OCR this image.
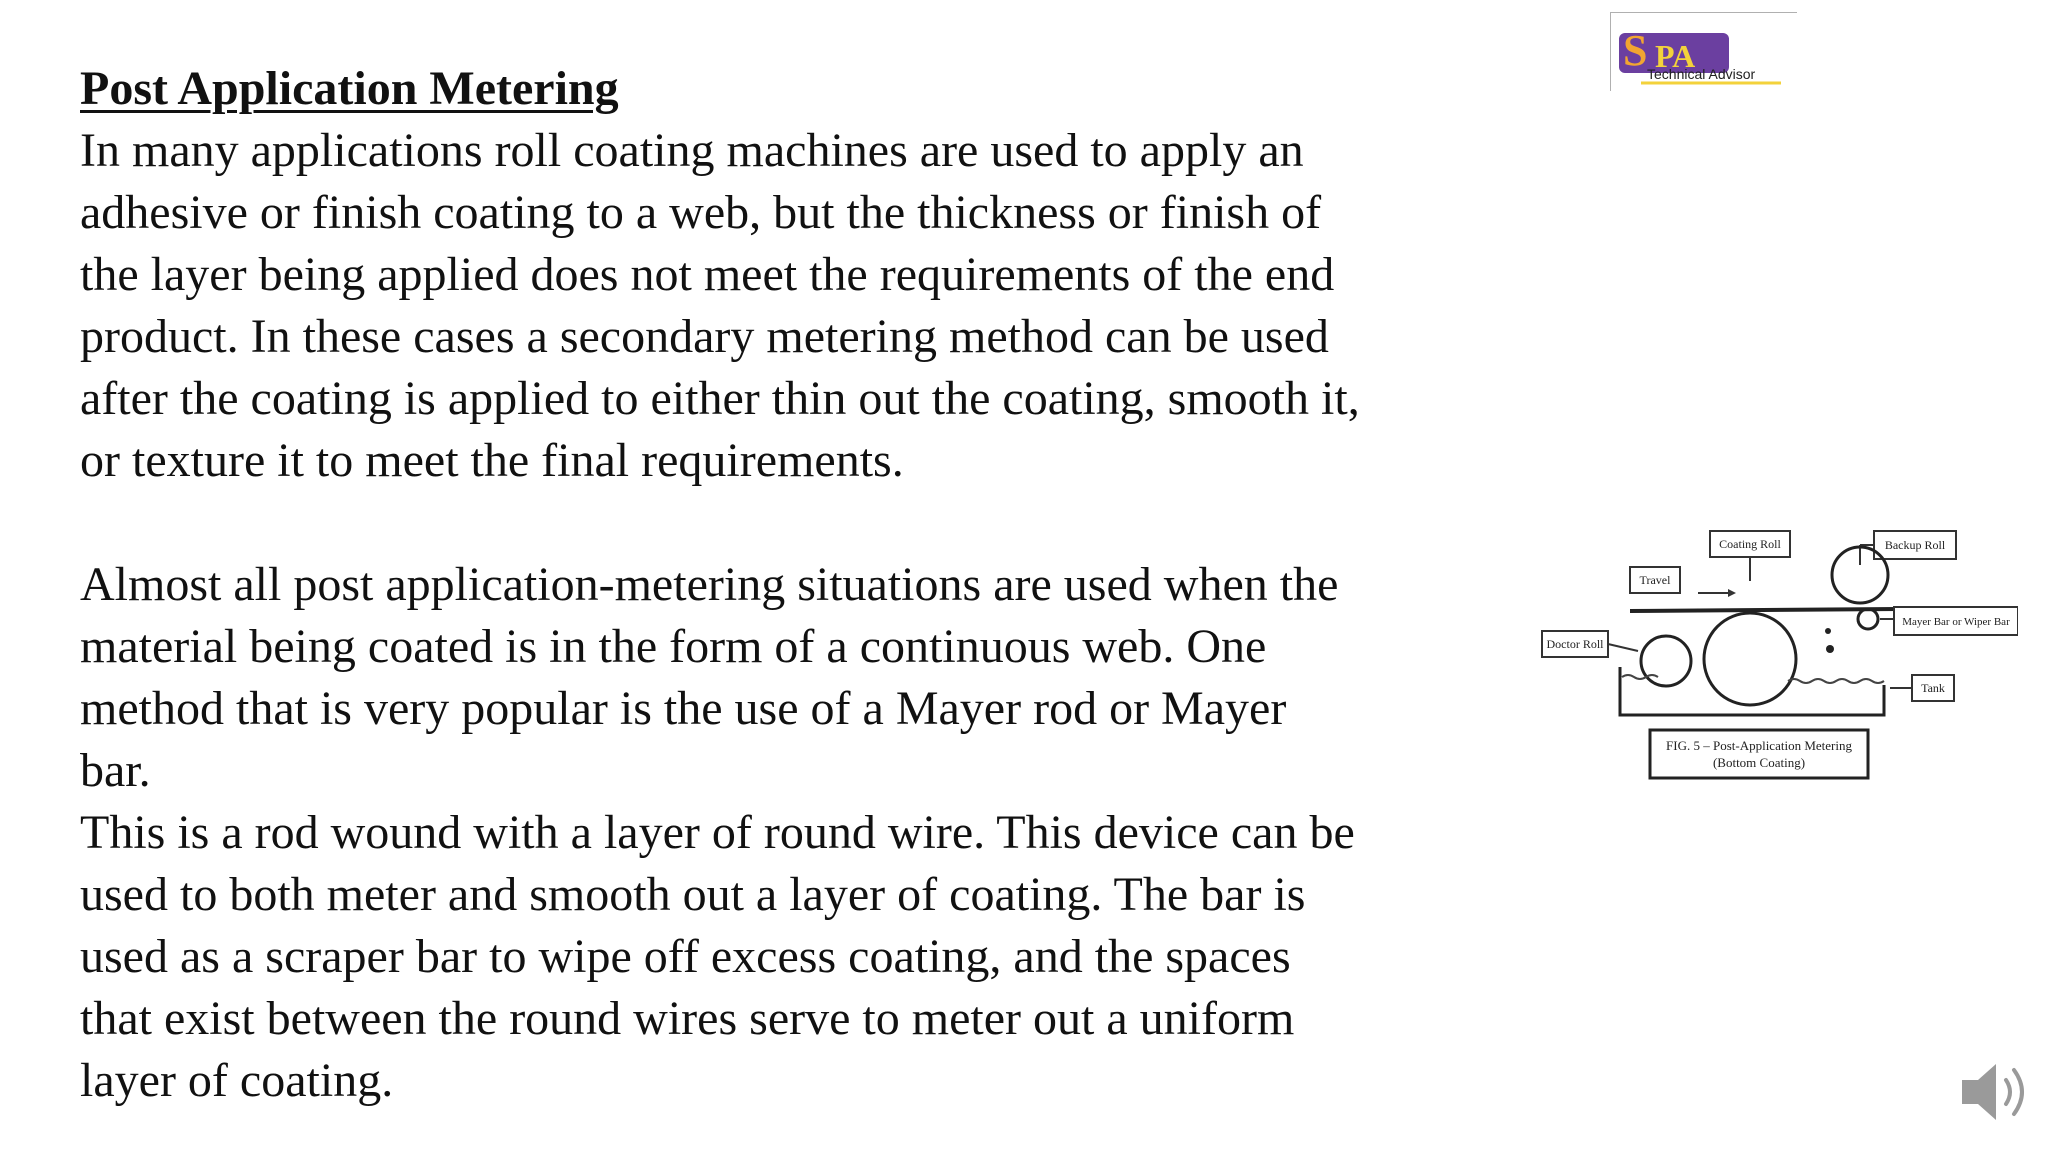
Post Application Metering

In many applications roll coating machines are used to apply an
adhesive or finish coating to a web, but the thickness or finish of
the layer being applied does not meet the requirements of the end
product. In these cases a secondary metering method can be used
after the coating is applied to either thin out the coating, smooth it,
or texture it to meet the final requirements.

Almost all post application-metering situations are used when the
material being coated is in the form of a continuous web. One
method that is very popular is the use of a Mayer rod or Mayer
bar.

This is a rod wound with a layer of round wire. This device can be
used to both meter and smooth out a layer of coating. The bar is
used as a scraper bar to wipe off excess coating, and the spaces
that exist between the round wires serve to meter out a uniform
layer of coating.

S PA
Technical Advisor
Coating Roll	Backup Roll
Travel
Mayer Bar or Wiper Bar
Doctor Roll
Tank
FIG. 5 – Post-Application Metering
(Bottom Coating)
